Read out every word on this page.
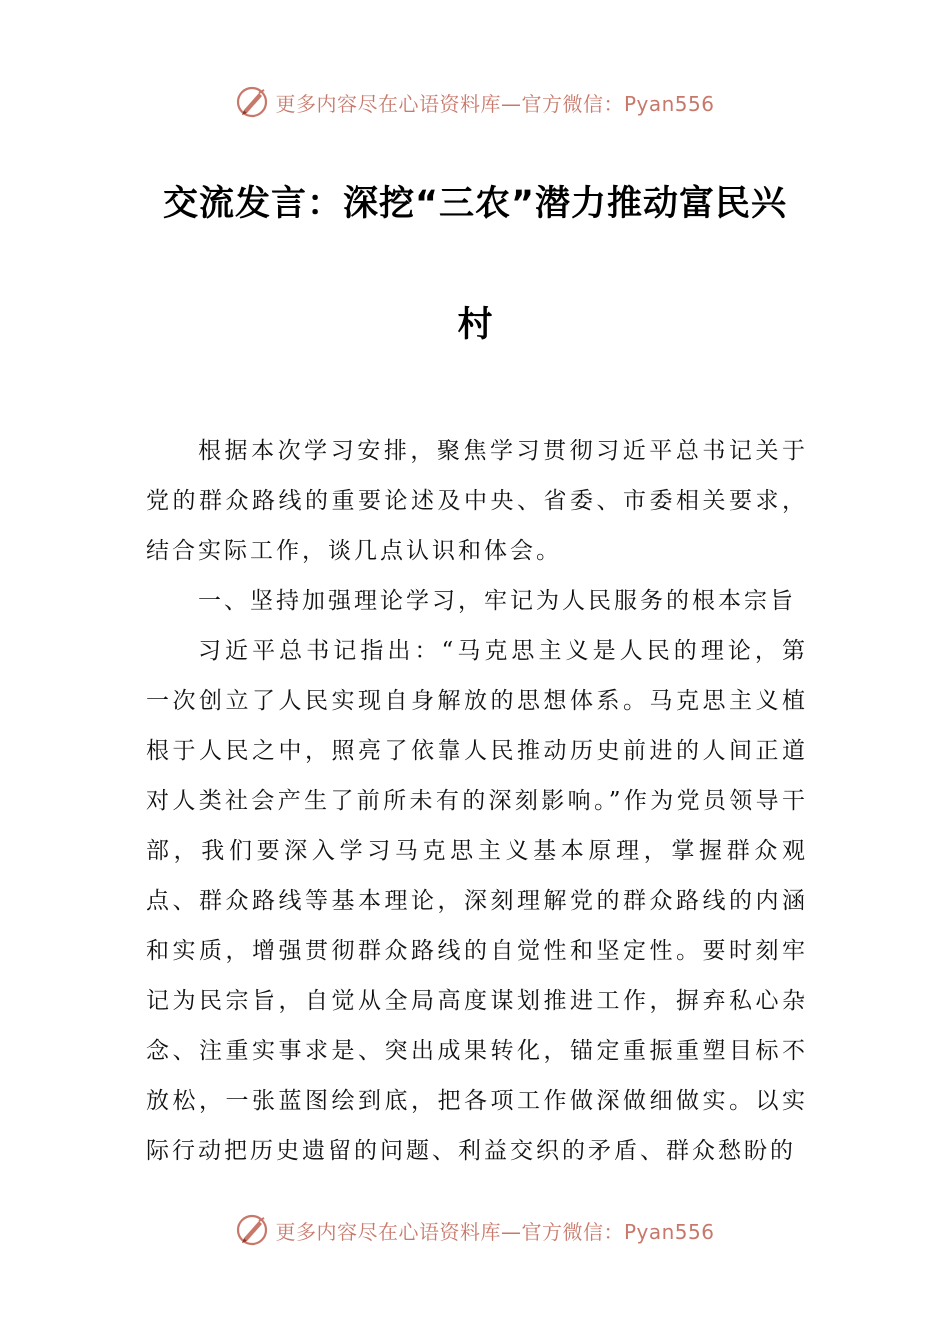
更多内容尽在心语资料库—官方微信：Pyan556
交流发言：深挖“三农”潜力推动富民兴
村

根据本次学习安排，聚焦学习贯彻习近平总书记关于党的群众路线的重要论述及中央、省委、市委相关要求，结合实际工作，谈几点认识和体会。

一、坚持加强理论学习，牢记为人民服务的根本宗旨

习近平总书记指出：“马克思主义是人民的理论，第一次创立了人民实现自身解放的思想体系。马克思主义植根于人民之中，照亮了依靠人民推动历史前进的人间正道对人类社会产生了前所未有的深刻影响。”作为党员领导干部，我们要深入学习马克思主义基本原理，掌握群众观点、群众路线等基本理论，深刻理解党的群众路线的内涵和实质，增强贯彻群众路线的自觉性和坚定性。要时刻牢记为民宗旨，自觉从全局高度谋划推进工作，摒弃私心杂念、注重实事求是、突出成果转化，锚定重振重塑目标不放松，一张蓝图绘到底，把各项工作做深做细做实。以实际行动把历史遗留的问题、利益交织的矛盾、群众愁盼的

更多内容尽在心语资料库—官方微信：Pyan556
